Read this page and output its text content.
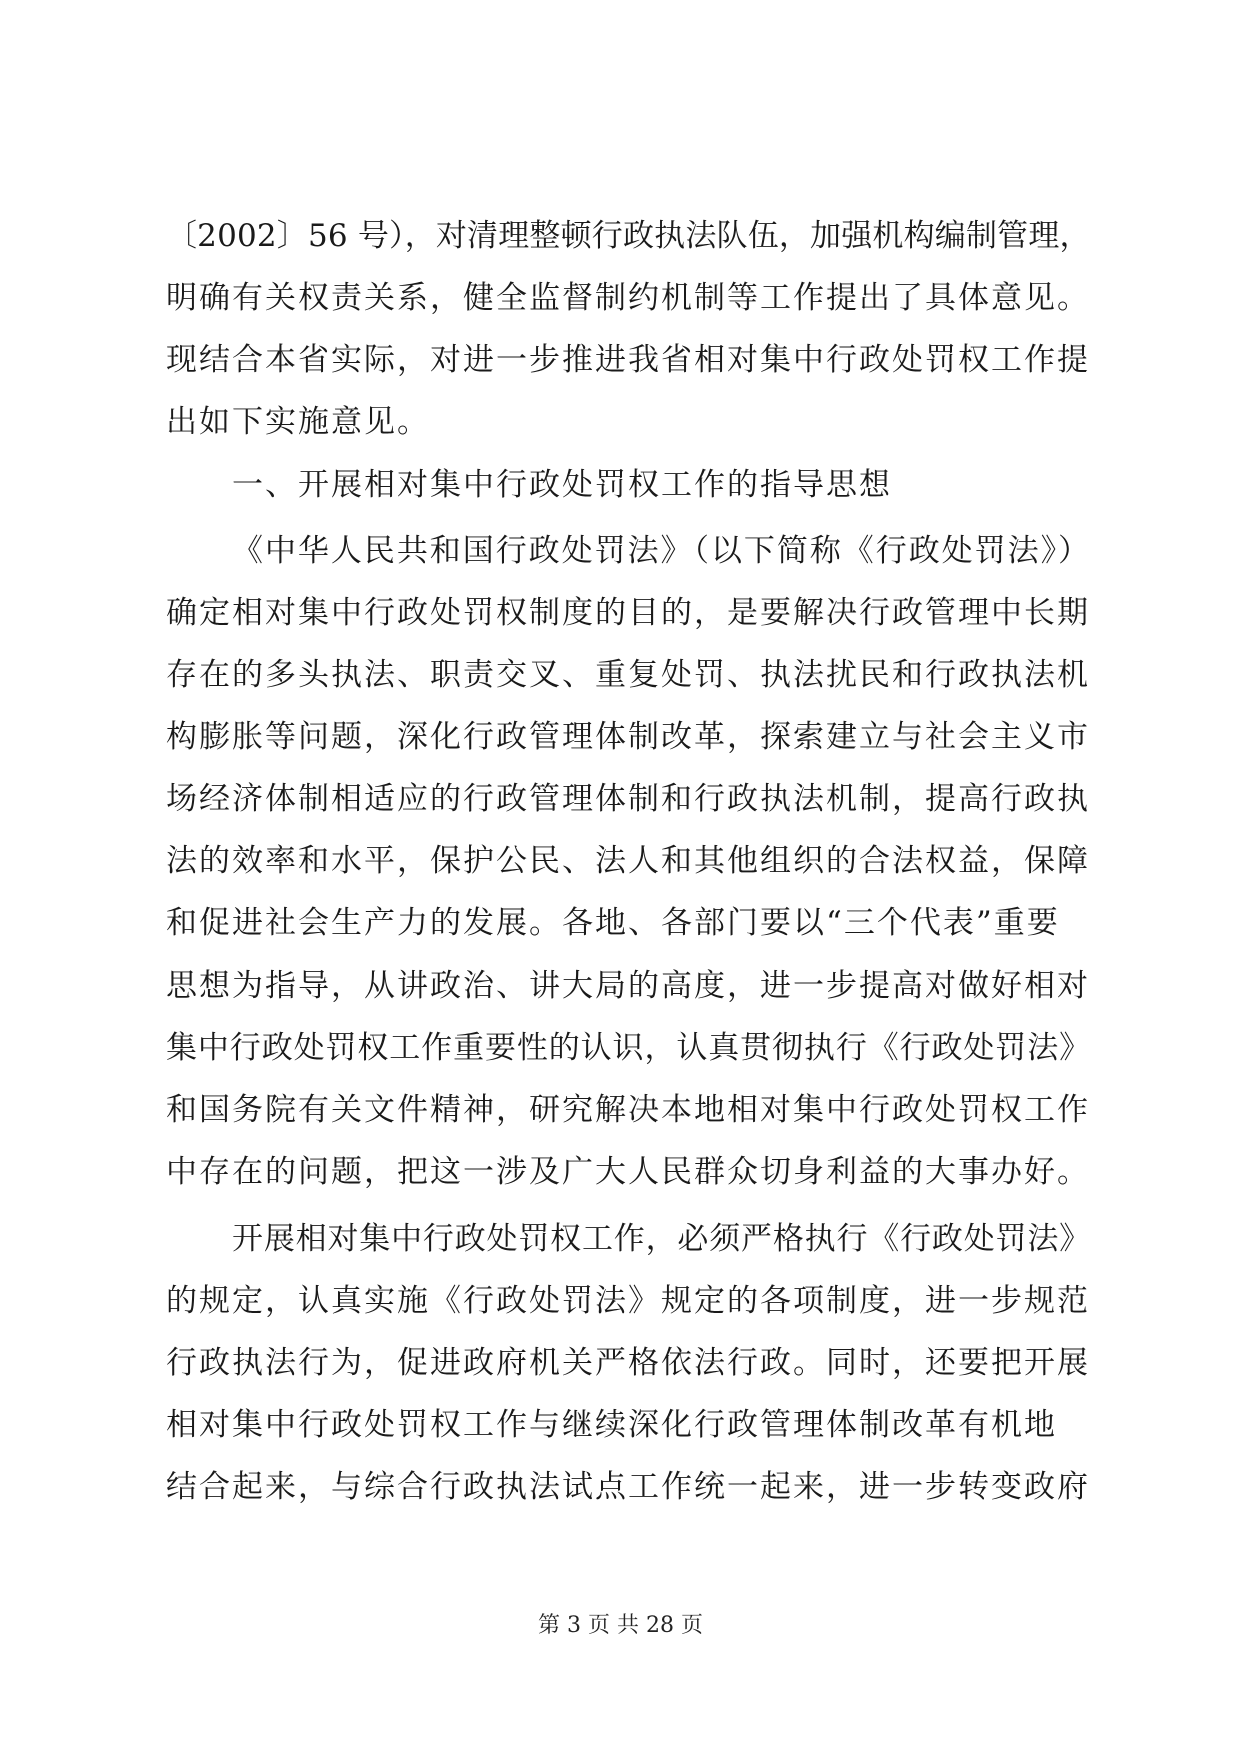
〔2002〕56 号），对清理整顿行政执法队伍，加强机构编制管理，
明确有关权责关系，健全监督制约机制等工作提出了具体意见。
现结合本省实际，对进一步推进我省相对集中行政处罚权工作提
出如下实施意见。
一、开展相对集中行政处罚权工作的指导思想
《中华人民共和国行政处罚法》（以下简称《行政处罚法》）
确定相对集中行政处罚权制度的目的，是要解决行政管理中长期
存在的多头执法、职责交叉、重复处罚、执法扰民和行政执法机
构膨胀等问题，深化行政管理体制改革，探索建立与社会主义市
场经济体制相适应的行政管理体制和行政执法机制，提高行政执
法的效率和水平，保护公民、法人和其他组织的合法权益，保障
和促进社会生产力的发展。各地、各部门要以“三个代表”重要
思想为指导，从讲政治、讲大局的高度，进一步提高对做好相对
集中行政处罚权工作重要性的认识，认真贯彻执行《行政处罚法》
和国务院有关文件精神，研究解决本地相对集中行政处罚权工作
中存在的问题，把这一涉及广大人民群众切身利益的大事办好。
开展相对集中行政处罚权工作，必须严格执行《行政处罚法》
的规定，认真实施《行政处罚法》规定的各项制度，进一步规范
行政执法行为，促进政府机关严格依法行政。同时，还要把开展
相对集中行政处罚权工作与继续深化行政管理体制改革有机地
结合起来，与综合行政执法试点工作统一起来，进一步转变政府
第 3 页 共 28 页
